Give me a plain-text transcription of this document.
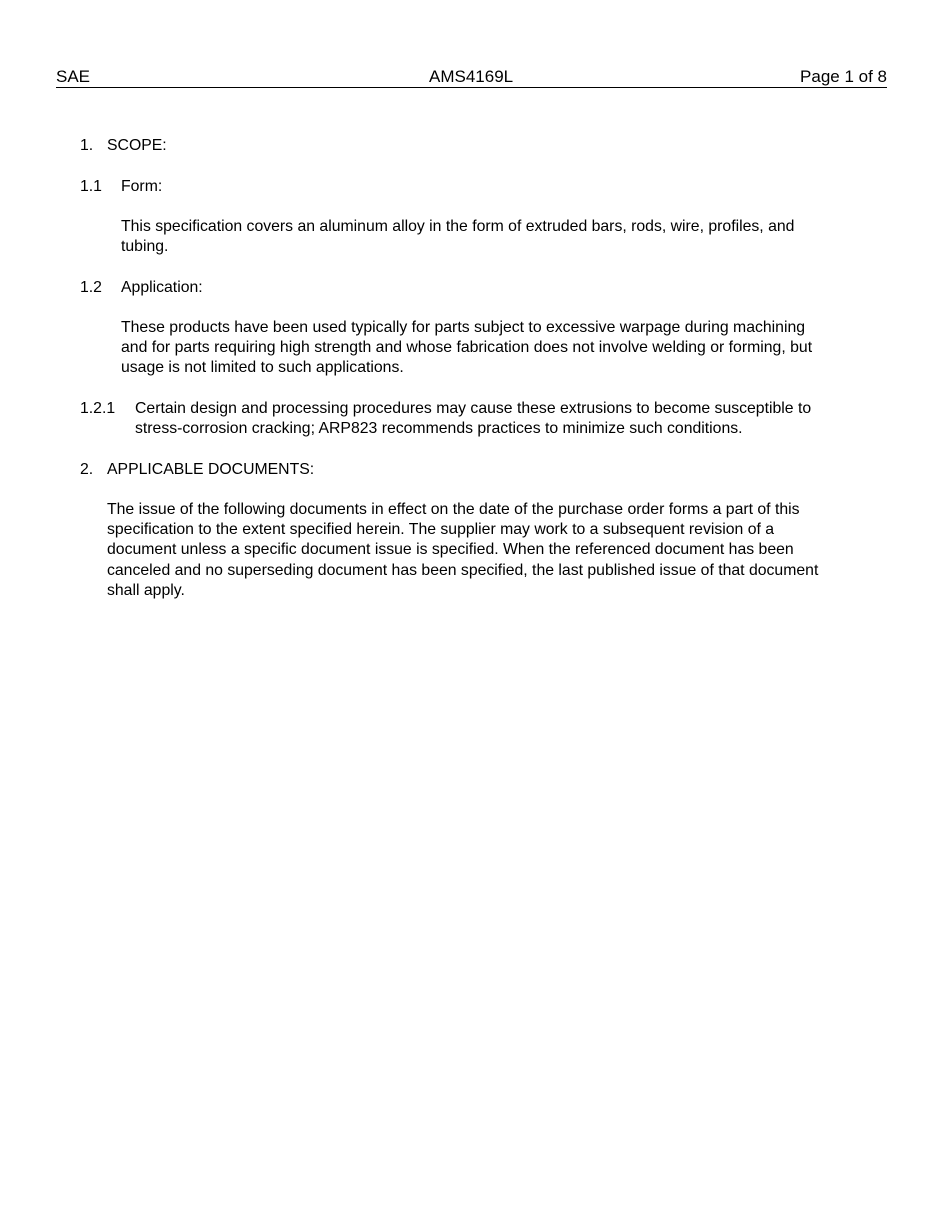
SAE	AMS4169L	Page 1 of 8
1. SCOPE:
1.1 Form:
This specification covers an aluminum alloy in the form of extruded bars, rods, wire, profiles, and
tubing.
1.2 Application:
These products have been used typically for parts subject to excessive warpage during machining
and for parts requiring high strength and whose fabrication does not involve welding or forming, but
usage is not limited to such applications.
1.2.1 Certain design and processing procedures may cause these extrusions to become susceptible to
stress-corrosion cracking; ARP823 recommends practices to minimize such conditions.
2. APPLICABLE DOCUMENTS:
The issue of the following documents in effect on the date of the purchase order forms a part of this
specification to the extent specified herein. The supplier may work to a subsequent revision of a
document unless a specific document issue is specified. When the referenced document has been
canceled and no superseding document has been specified, the last published issue of that document
shall apply.
